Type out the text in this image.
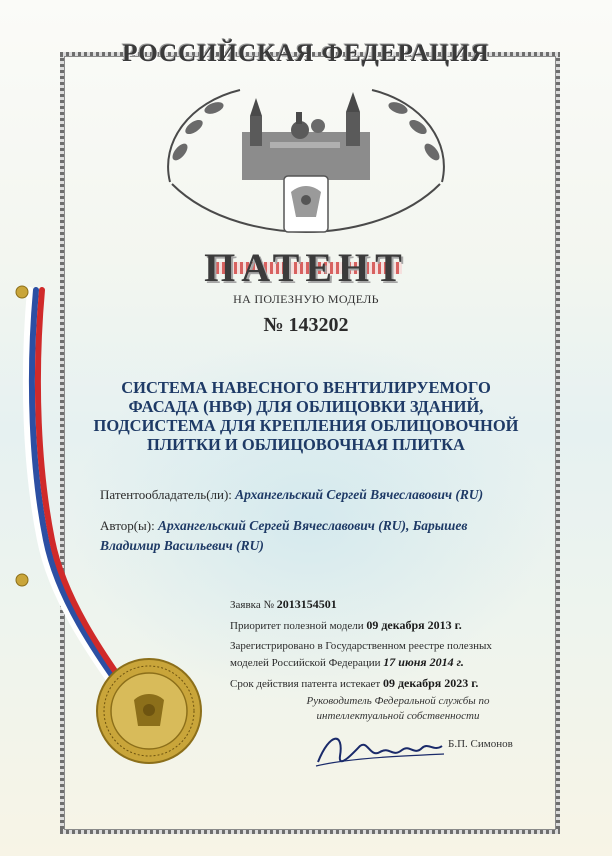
РОССИЙСКАЯ ФЕДЕРАЦИЯ
ПАТЕНТ
НА ПОЛЕЗНУЮ МОДЕЛЬ
№ 143202
СИСТЕМА НАВЕСНОГО ВЕНТИЛИРУЕМОГО ФАСАДА (НВФ) ДЛЯ ОБЛИЦОВКИ ЗДАНИЙ, ПОДСИСТЕМА ДЛЯ КРЕПЛЕНИЯ ОБЛИЦОВОЧНОЙ ПЛИТКИ И ОБЛИЦОВОЧНАЯ ПЛИТКА
Патентообладатель(ли): Архангельский Сергей Вячеславович (RU)
Автор(ы): Архангельский Сергей Вячеславович (RU), Барышев Владимир Васильевич (RU)
Заявка № 2013154501
Приоритет полезной модели 09 декабря 2013 г.
Зарегистрировано в Государственном реестре полезных моделей Российской Федерации 17 июня 2014 г.
Срок действия патента истекает 09 декабря 2023 г.
Руководитель Федеральной службы по интеллектуальной собственности
Б.П. Симонов
